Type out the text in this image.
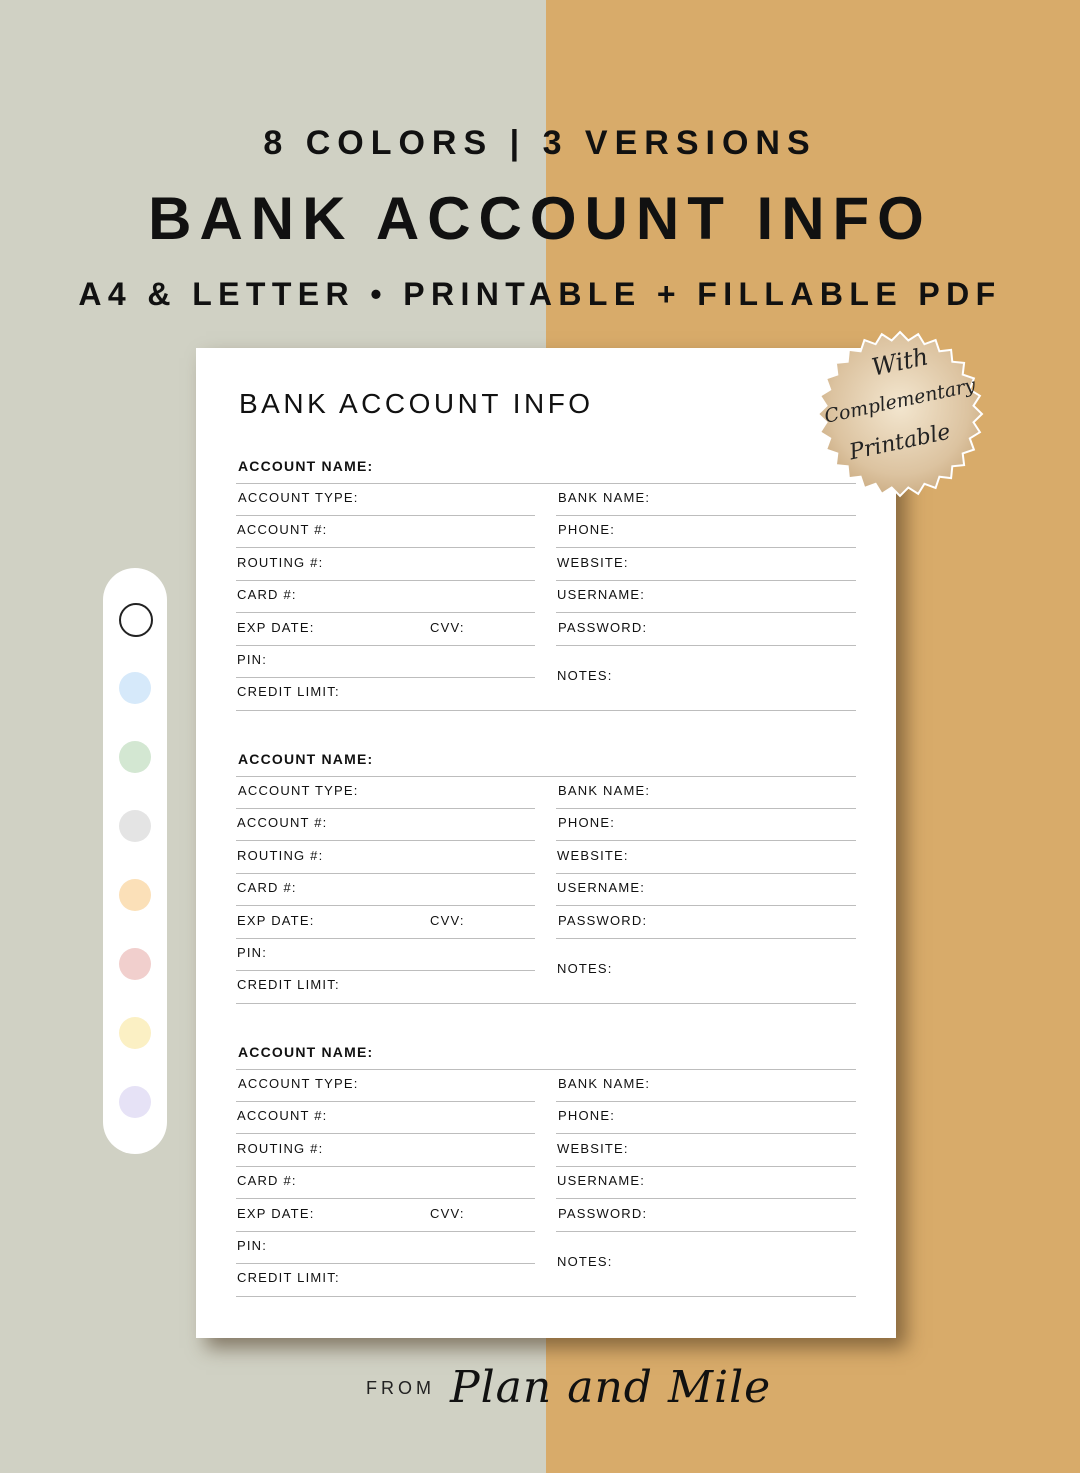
8 COLORS | 3 VERSIONS
BANK ACCOUNT INFO
A4 & LETTER • PRINTABLE + FILLABLE PDF
BANK ACCOUNT INFO
ACCOUNT NAME:
ACCOUNT TYPE:	BANK NAME:
ACCOUNT #:	PHONE:
ROUTING #:	WEBSITE:
CARD #:	USERNAME:
EXP DATE:	CVV:	PASSWORD:
PIN:
NOTES:
CREDIT LIMIT:
ACCOUNT NAME:
ACCOUNT TYPE:	BANK NAME:
ACCOUNT #:	PHONE:
ROUTING #:	WEBSITE:
CARD #:	USERNAME:
EXP DATE:	CVV:	PASSWORD:
PIN:
NOTES:
CREDIT LIMIT:
ACCOUNT NAME:
ACCOUNT TYPE:	BANK NAME:
ACCOUNT #:	PHONE:
ROUTING #:	WEBSITE:
CARD #:	USERNAME:
EXP DATE:	CVV:	PASSWORD:
PIN:
NOTES:
CREDIT LIMIT:
With
Complementary
Printable
FROM Plan and Mile
